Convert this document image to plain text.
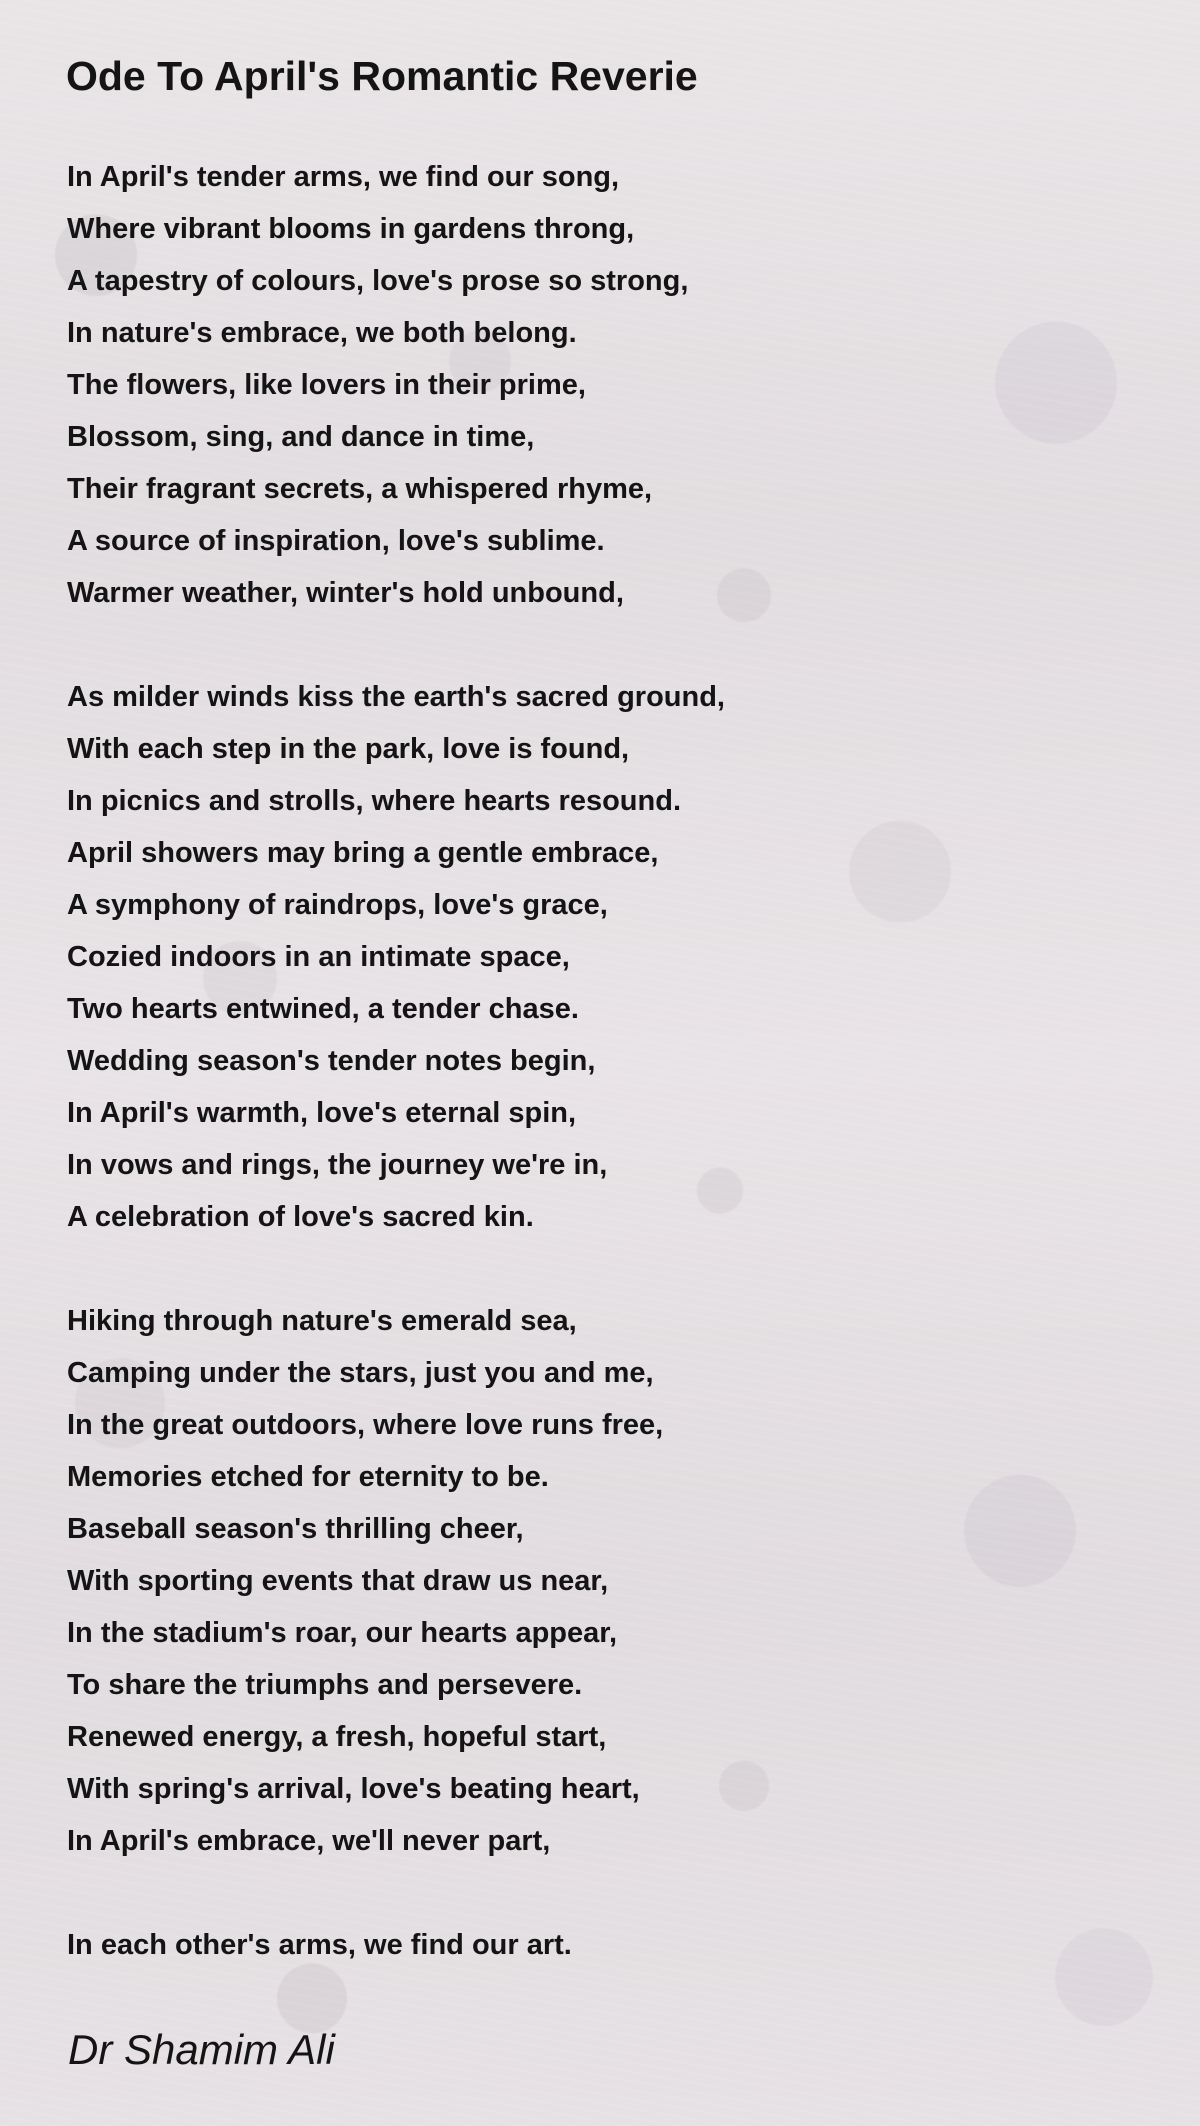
Ode To April's Romantic Reverie
In April's tender arms, we find our song,
Where vibrant blooms in gardens throng,
A tapestry of colours, love's prose so strong,
In nature's embrace, we both belong.
The flowers, like lovers in their prime,
Blossom, sing, and dance in time,
Their fragrant secrets, a whispered rhyme,
A source of inspiration, love's sublime.
Warmer weather, winter's hold unbound,
As milder winds kiss the earth's sacred ground,
With each step in the park, love is found,
In picnics and strolls, where hearts resound.
April showers may bring a gentle embrace,
A symphony of raindrops, love's grace,
Cozied indoors in an intimate space,
Two hearts entwined, a tender chase.
Wedding season's tender notes begin,
In April's warmth, love's eternal spin,
In vows and rings, the journey we're in,
A celebration of love's sacred kin.
Hiking through nature's emerald sea,
Camping under the stars, just you and me,
In the great outdoors, where love runs free,
Memories etched for eternity to be.
Baseball season's thrilling cheer,
With sporting events that draw us near,
In the stadium's roar, our hearts appear,
To share the triumphs and persevere.
Renewed energy, a fresh, hopeful start,
With spring's arrival, love's beating heart,
In April's embrace, we'll never part,
In each other's arms, we find our art.
Dr Shamim Ali
